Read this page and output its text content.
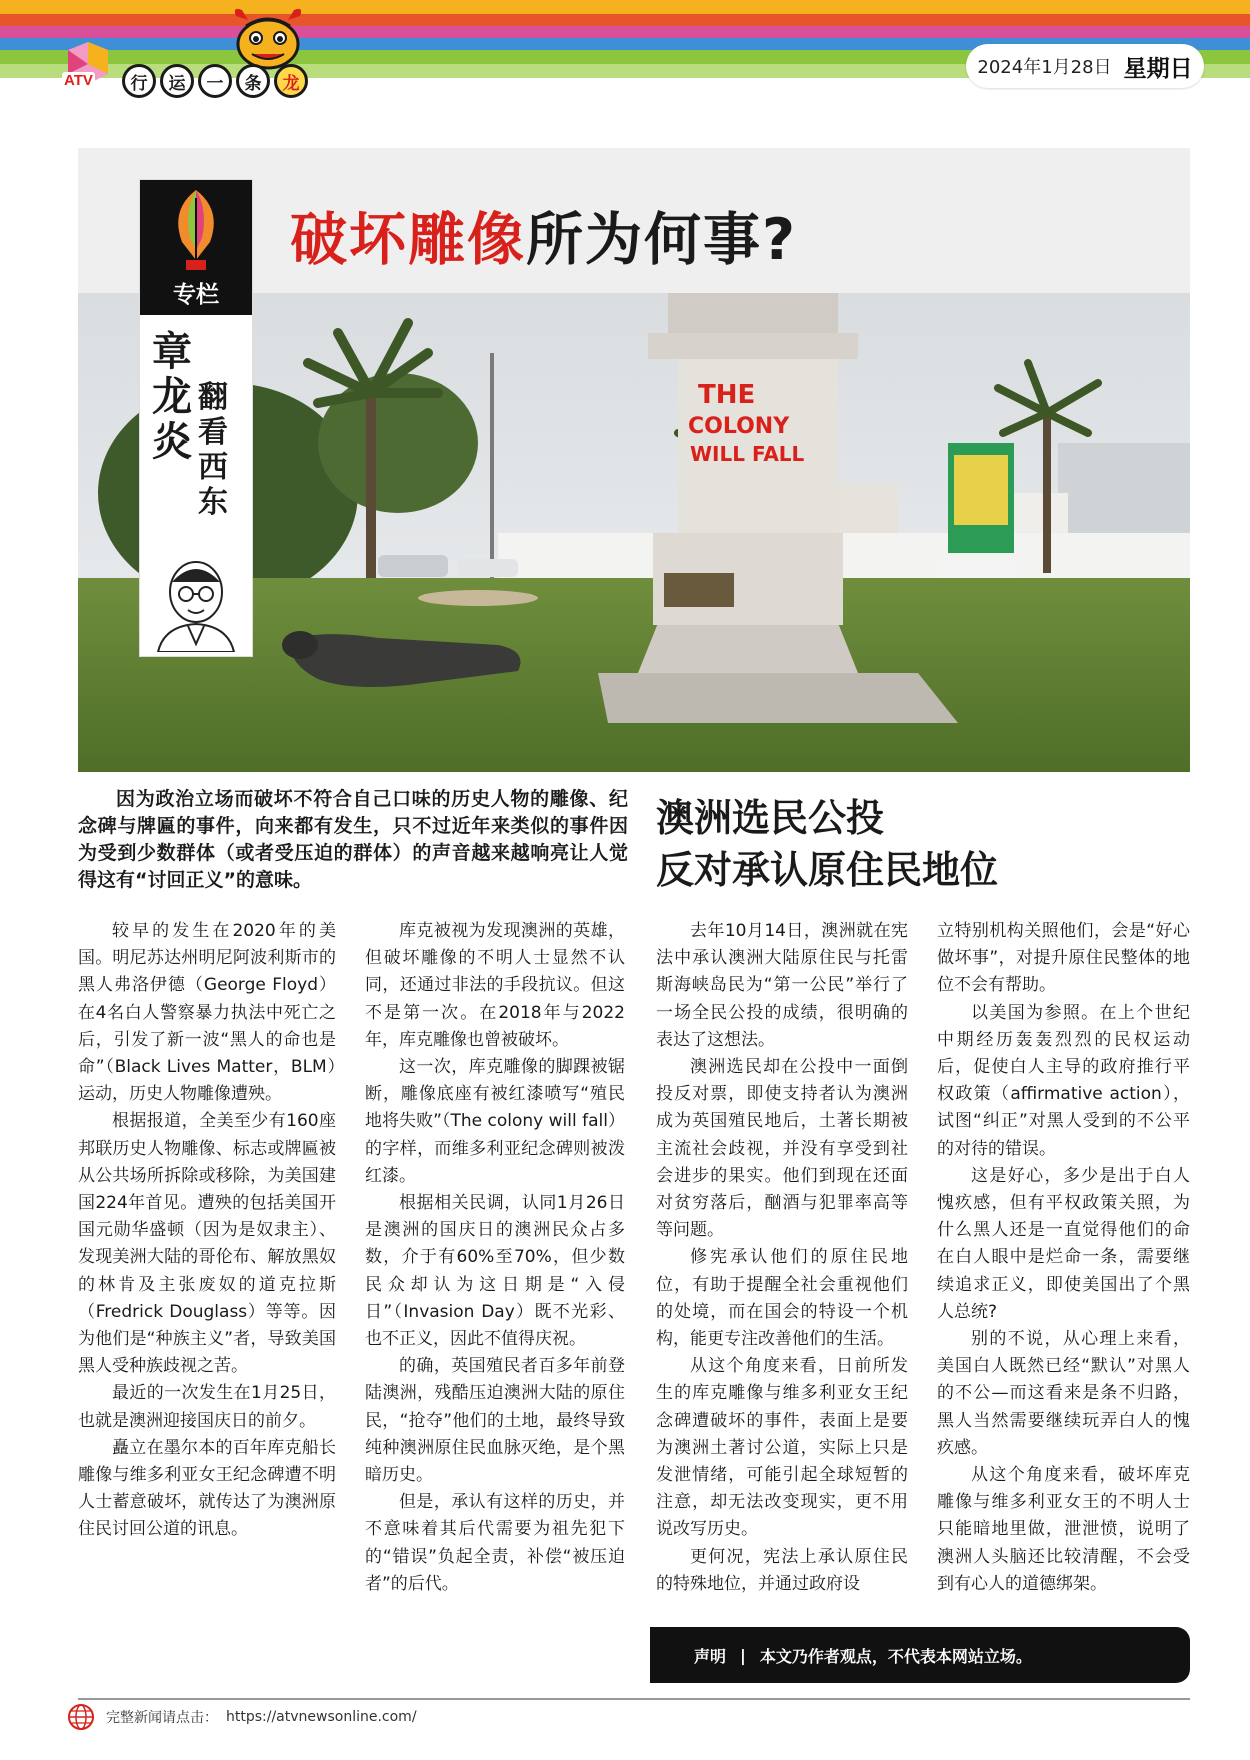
ATV	行	运	一	条	龙
2024年1月28日 星期日
破坏雕像所为何事?
THE
COLONY
WILL FALL
专栏
章
龙
炎
翻
看
西
东

因为政治立场而破坏不符合自己口味的历史人物的雕像、纪念碑与牌匾的事件，向来都有发生，只不过近年来类似的事件因为受到少数群体（或者受压迫的群体）的声音越来越响亮让人觉得这有“讨回正义”的意味。

澳洲选民公投
反对承认原住民地位

较早的发生在2020年的美国。明尼苏达州明尼阿波利斯市的黑人弗洛伊德（George Floyd）在4名白人警察暴力执法中死亡之后，引发了新一波“黑人的命也是命”（Black Lives Matter，BLM）运动，历史人物雕像遭殃。

根据报道，全美至少有160座邦联历史人物雕像、标志或牌匾被从公共场所拆除或移除，为美国建国224年首见。遭殃的包括美国开国元勋华盛顿（因为是奴隶主）、发现美洲大陆的哥伦布、解放黑奴的林肯及主张废奴的道克拉斯（Fredrick Douglass）等等。因为他们是“种族主义”者，导致美国黑人受种族歧视之苦。

最近的一次发生在1月25日，也就是澳洲迎接国庆日的前夕。

矗立在墨尔本的百年库克船长雕像与维多利亚女王纪念碑遭不明人士蓄意破坏，就传达了为澳洲原住民讨回公道的讯息。

库克被视为发现澳洲的英雄，但破坏雕像的不明人士显然不认同，还通过非法的手段抗议。但这不是第一次。在2018年与2022年，库克雕像也曾被破坏。

这一次，库克雕像的脚踝被锯断，雕像底座有被红漆喷写“殖民地将失败”（The colony will fall）的字样，而维多利亚纪念碑则被泼红漆。

根据相关民调，认同1月26日是澳洲的国庆日的澳洲民众占多数，介于有60%至70%，但少数民众却认为这日期是“入侵日”（Invasion Day）既不光彩、也不正义，因此不值得庆祝。

的确，英国殖民者百多年前登陆澳洲，残酷压迫澳洲大陆的原住民，“抢夺”他们的土地，最终导致纯种澳洲原住民血脉灭绝，是个黑暗历史。

但是，承认有这样的历史，并不意味着其后代需要为祖先犯下的“错误”负起全责，补偿“被压迫者”的后代。

去年10月14日，澳洲就在宪法中承认澳洲大陆原住民与托雷斯海峡岛民为“第一公民”举行了一场全民公投的成绩，很明确的表达了这想法。

澳洲选民却在公投中一面倒投反对票，即使支持者认为澳洲成为英国殖民地后，土著长期被主流社会歧视，并没有享受到社会进步的果实。他们到现在还面对贫穷落后，酗酒与犯罪率高等等问题。

修宪承认他们的原住民地位，有助于提醒全社会重视他们的处境，而在国会的特设一个机构，能更专注改善他们的生活。

从这个角度来看，日前所发生的库克雕像与维多利亚女王纪念碑遭破坏的事件，表面上是要为澳洲土著讨公道，实际上只是发泄情绪，可能引起全球短暂的注意，却无法改变现实，更不用说改写历史。

更何况，宪法上承认原住民的特殊地位，并通过政府设

立特别机构关照他们，会是“好心做坏事”，对提升原住民整体的地位不会有帮助。

以美国为参照。在上个世纪中期经历轰轰烈烈的民权运动后，促使白人主导的政府推行平权政策（affirmative action），试图“纠正”对黑人受到的不公平的对待的错误。

这是好心，多少是出于白人愧疚感，但有平权政策关照，为什么黑人还是一直觉得他们的命在白人眼中是烂命一条，需要继续追求正义，即使美国出了个黑人总统?

别的不说，从心理上来看，美国白人既然已经“默认”对黑人的不公—而这看来是条不归路，黑人当然需要继续玩弄白人的愧疚感。

从这个角度来看，破坏库克雕像与维多利亚女王的不明人士只能暗地里做，泄泄愤，说明了澳洲人头脑还比较清醒，不会受到有心人的道德绑架。

声明 | 本文乃作者观点，不代表本网站立场。
完整新闻请点击： https://atvnewsonline.com/
